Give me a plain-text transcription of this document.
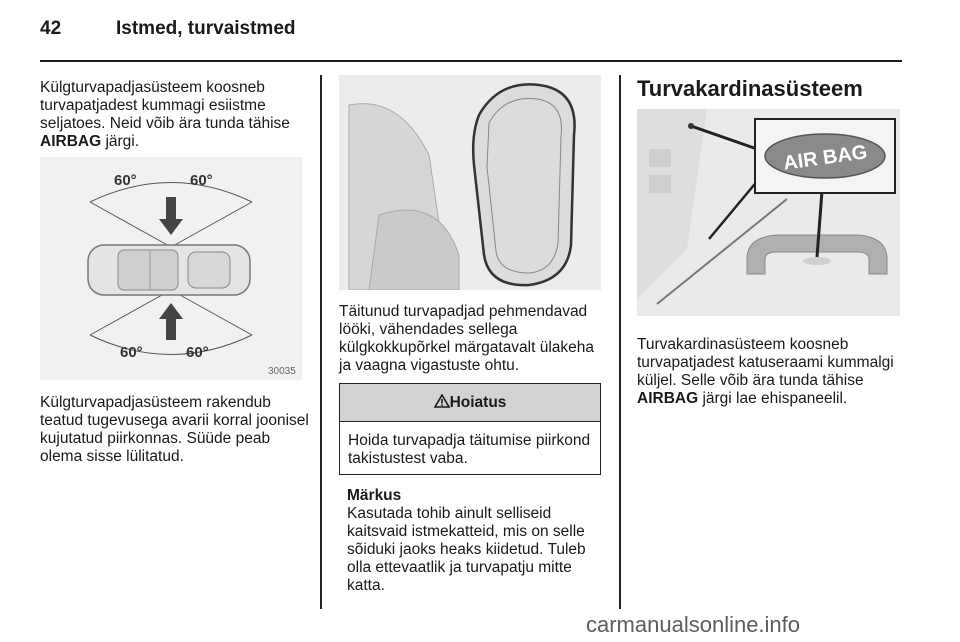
42	Istmed, turvaistmed

Külgturvapadjasüsteem koosneb turvapatjadest kummagi esiistme seljatoes. Neid võib ära tunda tähise AIRBAG järgi.

60°	60°
60°	60°
30035

Külgturvapadjasüsteem rakendub teatud tugevusega avarii korral joonisel kujutatud piirkonnas. Süüde peab olema sisse lülitatud.

Täitunud turvapadjad pehmendavad lööki, vähendades sellega külgkokkupõrkel märgatavalt ülakeha ja vaagna vigastuste ohtu.

Hoiatus
Hoida turvapadja täitumise piirkond takistustest vaba.

Märkus

Kasutada tohib ainult selliseid kaitsvaid istmekatteid, mis on selle sõiduki jaoks heaks kiidetud. Tuleb olla ettevaatlik ja turvapatju mitte katta.

Turvakardinasüsteem
AIR BAG

Turvakardinasüsteem koosneb turvapatjadest katuseraami kummalgi küljel. Selle võib ära tunda tähise AIRBAG järgi lae ehispaneelil.

carmanualsonline.info
